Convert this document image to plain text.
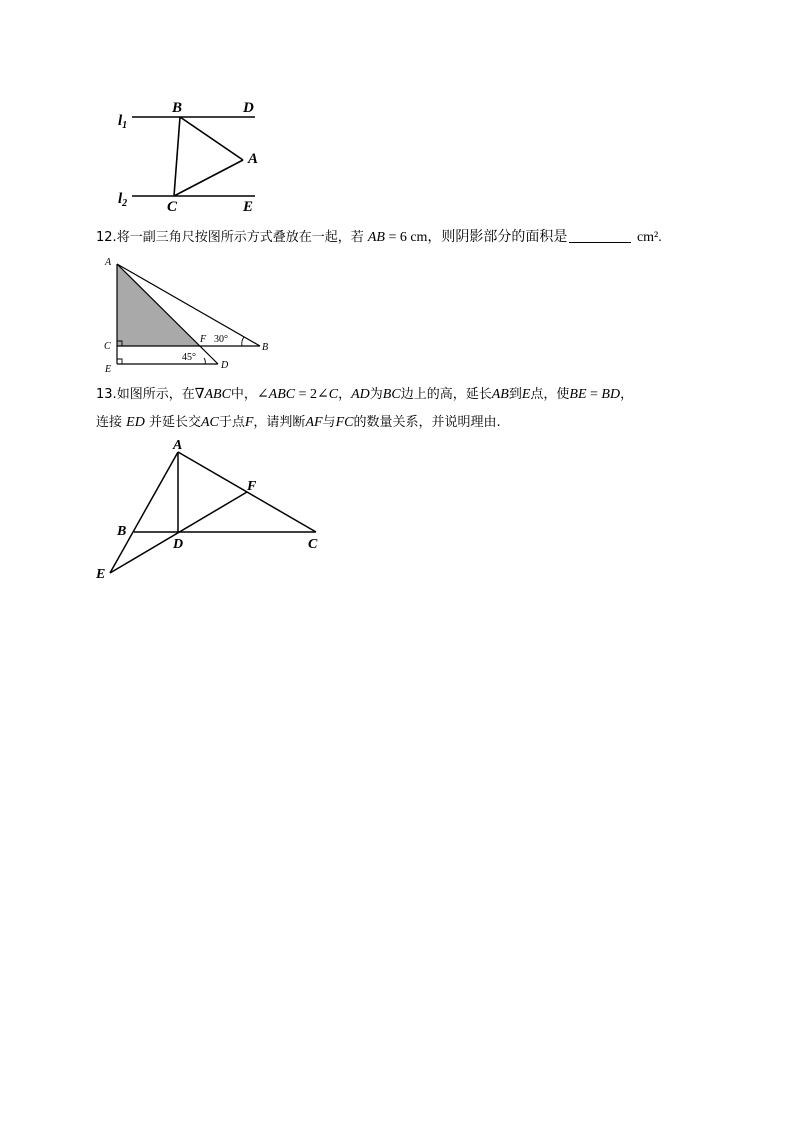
$l_1$
$l_2$
B	D
A
C	E
12.将一副三角尺按图所示方式叠放在一起，若 AB = 6 cm，则阴影部分的面积是	cm².
A
C
E
F
B
D
30°
45°
13.如图所示，在∇ABC中，∠ABC = 2∠C，AD为BC边上的高，延长AB到E点，使BE = BD，
连接 ED 并延长交AC于点F，请判断AF与FC的数量关系，并说明理由.
A
F
B
D	C
E
